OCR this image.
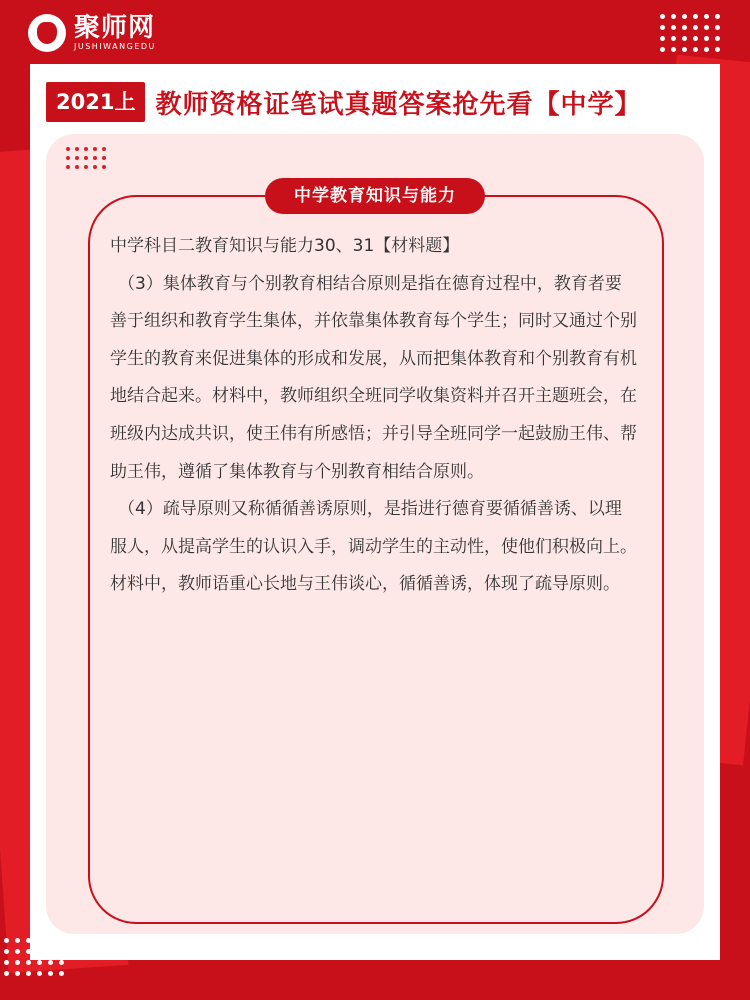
聚师网
JUSHIWANGEDU
2021上 教师资格证笔试真题答案抢先看【中学】
中学教育知识与能力

中学科目二教育知识与能力30、31【材料题】

（3）集体教育与个别教育相结合原则是指在德育过程中，教育者要善于组织和教育学生集体，并依靠集体教育每个学生；同时又通过个别学生的教育来促进集体的形成和发展，从而把集体教育和个别教育有机地结合起来。材料中，教师组织全班同学收集资料并召开主题班会，在班级内达成共识，使王伟有所感悟；并引导全班同学一起鼓励王伟、帮助王伟，遵循了集体教育与个别教育相结合原则。

（4）疏导原则又称循循善诱原则，是指进行德育要循循善诱、以理服人，从提高学生的认识入手，调动学生的主动性，使他们积极向上。材料中，教师语重心长地与王伟谈心，循循善诱，体现了疏导原则。
